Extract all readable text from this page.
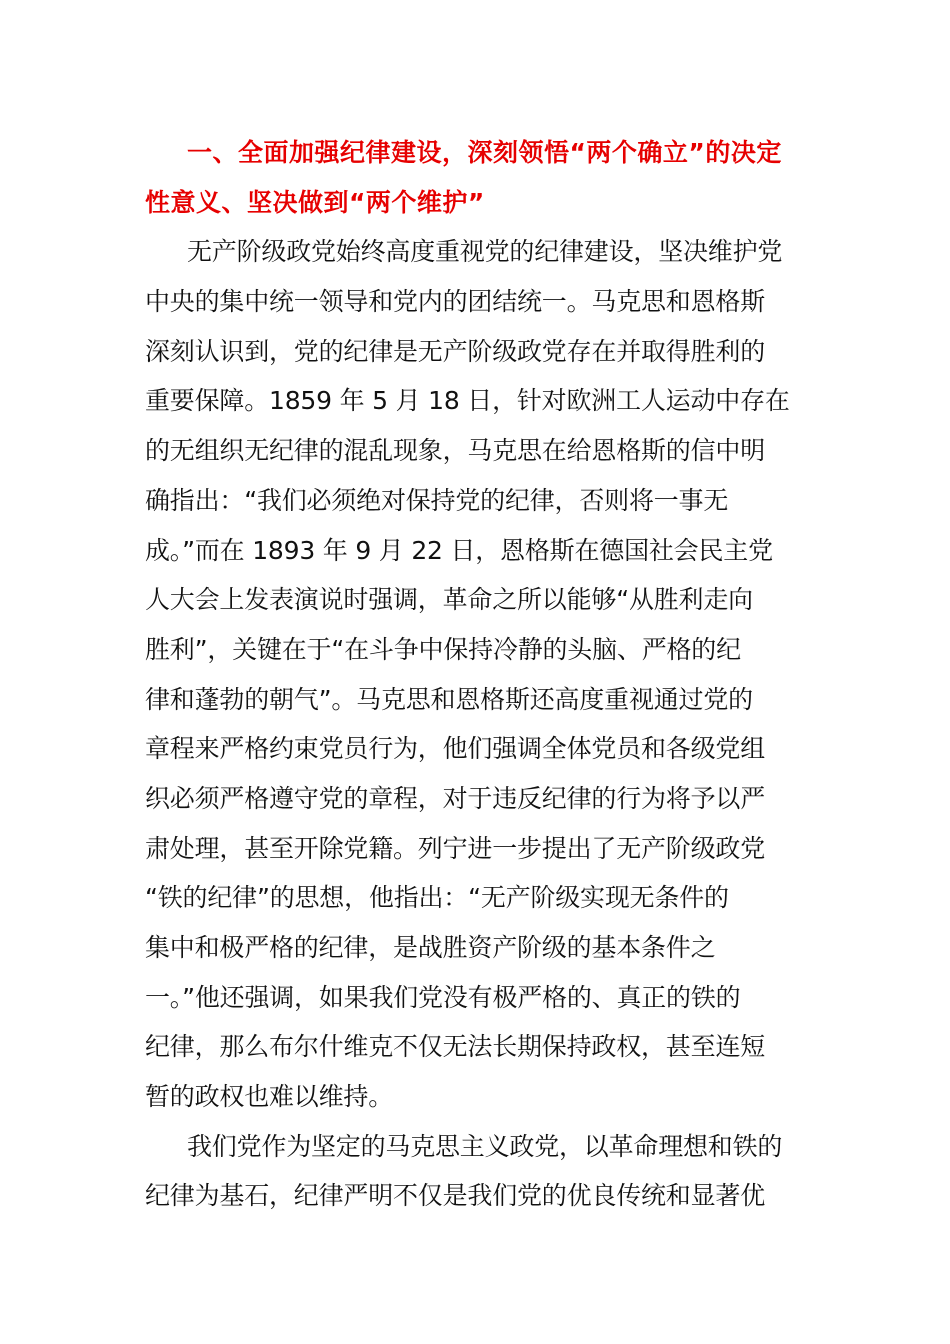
一、全面加强纪律建设，深刻领悟“两个确立”的决定
性意义、坚决做到“两个维护”
无产阶级政党始终高度重视党的纪律建设，坚决维护党
中央的集中统一领导和党内的团结统一。马克思和恩格斯
深刻认识到，党的纪律是无产阶级政党存在并取得胜利的
重要保障。1859 年 5 月 18 日，针对欧洲工人运动中存在
的无组织无纪律的混乱现象，马克思在给恩格斯的信中明
确指出：“我们必须绝对保持党的纪律，否则将一事无
成。”而在 1893 年 9 月 22 日，恩格斯在德国社会民主党
人大会上发表演说时强调，革命之所以能够“从胜利走向
胜利”，关键在于“在斗争中保持冷静的头脑、严格的纪
律和蓬勃的朝气”。马克思和恩格斯还高度重视通过党的
章程来严格约束党员行为，他们强调全体党员和各级党组
织必须严格遵守党的章程，对于违反纪律的行为将予以严
肃处理，甚至开除党籍。列宁进一步提出了无产阶级政党
“铁的纪律”的思想，他指出：“无产阶级实现无条件的
集中和极严格的纪律，是战胜资产阶级的基本条件之
一。”他还强调，如果我们党没有极严格的、真正的铁的
纪律，那么布尔什维克不仅无法长期保持政权，甚至连短
暂的政权也难以维持。
我们党作为坚定的马克思主义政党，以革命理想和铁的
纪律为基石，纪律严明不仅是我们党的优良传统和显著优
